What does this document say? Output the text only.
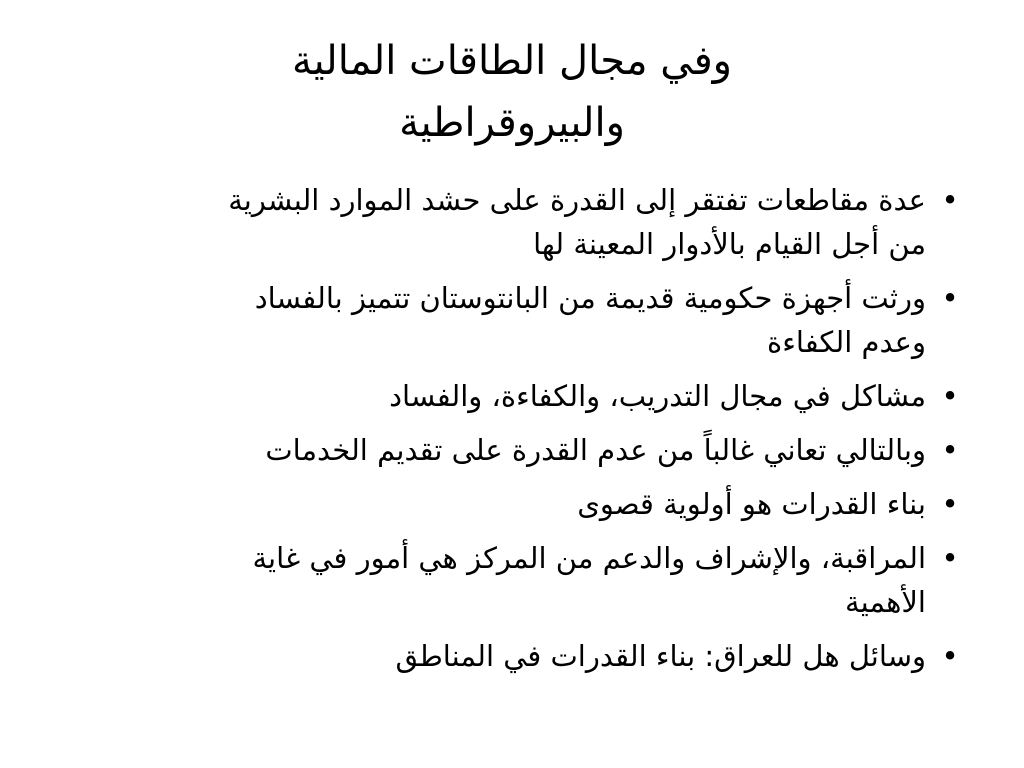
وفي مجال الطاقات المالية
والبيروقراطية
•
عدة مقاطعات تفتقر إلى القدرة على حشد الموارد البشرية
من أجل القيام بالأدوار المعينة لها
•
ورثت أجهزة حكومية قديمة من البانتوستان تتميز بالفساد
وعدم الكفاءة
•
مشاكل في مجال التدريب، والكفاءة، والفساد
•
وبالتالي تعاني غالباً من عدم القدرة على تقديم الخدمات
•
بناء القدرات هو أولوية قصوى
•
المراقبة، والإشراف والدعم من المركز هي أمور في غاية
الأهمية
•
وسائل هل للعراق: بناء القدرات في المناطق
